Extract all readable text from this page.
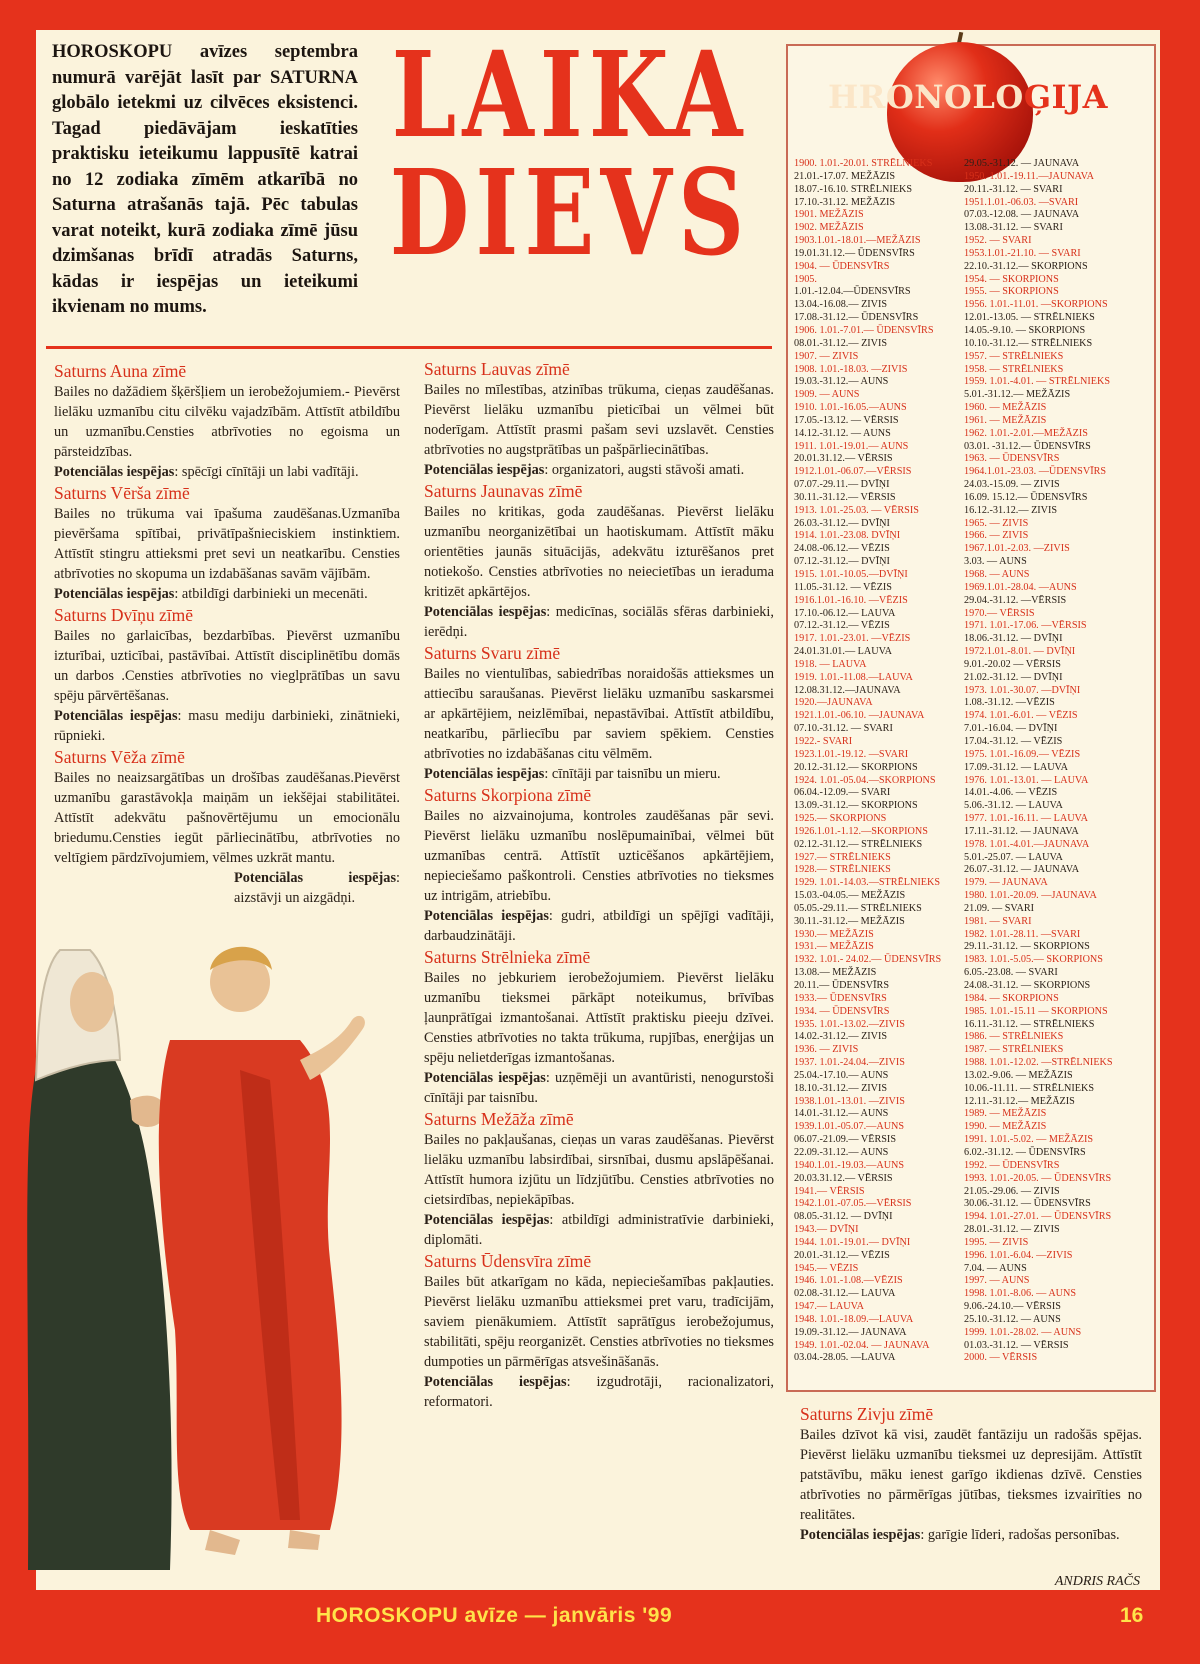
HOROSKOPU avīzes septembra numurā varējāt lasīt par SATURNA globālo ietekmi uz cilvēces eksistenci. Tagad piedāvājam ieskatīties praktisku ieteikumu lappusītē katrai no 12 zodiaka zīmēm atkarībā no Saturna atrašanās tajā. Pēc tabulas varat noteikt, kurā zodiaka zīmē jūsu dzimšanas brīdī atradās Saturns, kādas ir iespējas un ieteikumi ikvienam no mums.
LAIKA
DIEVS
Saturns Auna zīmē

Bailes no dažādiem šķēršļiem un ierobežojumiem.- Pievērst lielāku uzmanību citu cilvēku vajadzībām. Attīstīt atbildību un uzmanību.Censties atbrīvoties no egoisma un pārsteidzības.

Potenciālas iespējas: spēcīgi cīnītāji un labi vadītāji.

Saturns Vērša zīmē

Bailes no trūkuma vai īpašuma zaudēšanas.Uzmanība pievēršama spītībai, privātīpašnieciskiem instinktiem. Attīstīt stingru attieksmi pret sevi un neatkarību. Censties atbrīvoties no skopuma un izdabāšanas savām vājībām.

Potenciālas iespējas: atbildīgi darbinieki un mecenāti.

Saturns Dvīņu zīmē

Bailes no garlaicības, bezdarbības. Pievērst uzmanību izturībai, uzticībai, pastāvībai. Attīstīt disciplinētību domās un darbos .Censties atbrīvoties no vieglprātības un savu spēju pārvērtēšanas.

Potenciālas iespējas: masu mediju darbinieki, zinātnieki, rūpnieki.

Saturns Vēža zīmē

Bailes no neaizsargātības un drošības zaudēšanas.Pievērst uzmanību garastāvokļa maiņām un iekšējai stabilitātei. Attīstīt adekvātu pašnovērtējumu un emocionālu briedumu.Censties iegūt pārliecinātību, atbrīvoties no veltīgiem pārdzīvojumiem, vēlmes uzkrāt mantu.

Potenciālas iespējas: aizstāvji un aizgādņi.

Saturns Lauvas zīmē

Bailes no mīlestības, atzinības trūkuma, cieņas zaudēšanas. Pievērst lielāku uzmanību pieticībai un vēlmei būt noderīgam. Attīstīt prasmi pašam sevi uzslavēt. Censties atbrīvoties no augstprātības un pašpārliecinātības.

Potenciālas iespējas: organizatori, augsti stāvoši amati.

Saturns Jaunavas zīmē

Bailes no kritikas, goda zaudēšanas. Pievērst lielāku uzmanību neorganizētībai un haotiskumam. Attīstīt māku orientēties jaunās situācijās, adekvātu izturēšanos pret notiekošo. Censties atbrīvoties no neiecietības un ieraduma kritizēt apkārtējos.

Potenciālas iespējas: medicīnas, sociālās sfēras darbinieki, ierēdņi.

Saturns Svaru zīmē

Bailes no vientulības, sabiedrības noraidošās attieksmes un attiecību saraušanas. Pievērst lielāku uzmanību saskarsmei ar apkārtējiem, neizlēmībai, nepastāvībai. Attīstīt atbildību, neatkarību, pārliecību par saviem spēkiem. Censties atbrīvoties no izdabāšanas citu vēlmēm.

Potenciālas iespējas: cīnītāji par taisnību un mieru.

Saturns Skorpiona zīmē

Bailes no aizvainojuma, kontroles zaudēšanas pār sevi. Pievērst lielāku uzmanību noslēpumainībai, vēlmei būt uzmanības centrā. Attīstīt uzticēšanos apkārtējiem, nepieciešamo paškontroli. Censties atbrīvoties no tieksmes uz intrigām, atriebību.

Potenciālas iespējas: gudri, atbildīgi un spējīgi vadītāji, darbaudzinātāji.

Saturns Strēlnieka zīmē

Bailes no jebkuriem ierobežojumiem. Pievērst lielāku uzmanību tieksmei pārkāpt noteikumus, brīvības ļaunprātīgai izmantošanai. Attīstīt praktisku pieeju dzīvei. Censties atbrīvoties no takta trūkuma, rupjības, enerģijas un spēju nelietderīgas izmantošanas.

Potenciālas iespējas: uzņēmēji un avantūristi, nenogurstoši cīnītāji par taisnību.

Saturns Mežāža zīmē

Bailes no pakļaušanas, cieņas un varas zaudēšanas. Pievērst lielāku uzmanību labsirdībai, sirsnībai, dusmu apslāpēšanai. Attīstīt humora izjūtu un līdzjūtību. Censties atbrīvoties no cietsirdības, nepiekāpības.

Potenciālas iespējas: atbildīgi administratīvie darbinieki, diplomāti.

Saturns Ūdensvīra zīmē

Bailes būt atkarīgam no kāda, nepieciešamības pakļauties. Pievērst lielāku uzmanību attieksmei pret varu, tradīcijām, saviem pienākumiem. Attīstīt saprātīgus ierobežojumus, stabilitāti, spēju reorganizēt. Censties atbrīvoties no tieksmes dumpoties un pārmērīgas atsvešināšanās.

Potenciālas iespējas: izgudrotāji, racionalizatori, reformatori.

HRONOLOĢIJA
1900. 1.01.-20.01. STRĒLNIEKS
21.01.-17.07. MEŽĀZIS
18.07.-16.10. STRĒLNIEKS
17.10.-31.12. MEŽĀZIS
1901. MEŽĀZIS
1902. MEŽĀZIS
1903.1.01.-18.01.—MEŽĀZIS
19.01.31.12.— ŪDENSVĪRS
1904. — ŪDENSVĪRS
1905.
1.01.-12.04.—ŪDENSVĪRS
13.04.-16.08.— ZIVIS
17.08.-31.12.— ŪDENSVĪRS
1906. 1.01.-7.01.— ŪDENSVĪRS
08.01.-31.12.— ZIVIS
1907. — ZIVIS
1908. 1.01.-18.03. —ZIVIS
19.03.-31.12.— AUNS
1909. — AUNS
1910. 1.01.-16.05.—AUNS
17.05.-13.12. — VĒRSIS
14.12.-31.12. — AUNS
1911. 1.01.-19.01.— AUNS
20.01.31.12.— VĒRSIS
1912.1.01.-06.07.—VĒRSIS
07.07.-29.11.— DVĪŅI
30.11.-31.12.— VĒRSIS
1913. 1.01.-25.03. — VĒRSIS
26.03.-31.12.— DVĪŅI
1914. 1.01.-23.08. DVĪŅI
24.08.-06.12.— VĒZIS
07.12.-31.12.— DVĪŅI
1915. 1.01.-10.05.—DVĪŅI
11.05.-31.12. — VĒZIS
1916.1.01.-16.10. —VĒZIS
17.10.-06.12.— LAUVA
07.12.-31.12.— VĒZIS
1917. 1.01.-23.01. —VĒZIS
24.01.31.01.— LAUVA
1918. — LAUVA
1919. 1.01.-11.08.—LAUVA
12.08.31.12.—JAUNAVA
1920.—JAUNAVA
1921.1.01.-06.10. —JAUNAVA
07.10.-31.12. — SVARI
1922.- SVARI
1923.1.01.-19.12. —SVARI
20.12.-31.12.— SKORPIONS
1924. 1.01.-05.04.—SKORPIONS
06.04.-12.09.— SVARI
13.09.-31.12.— SKORPIONS
1925.— SKORPIONS
1926.1.01.-1.12.—SKORPIONS
02.12.-31.12.— STRĒLNIEKS
1927.— STRĒLNIEKS
1928.— STRĒLNIEKS
1929. 1.01.-14.03.—STRĒLNIEKS
15.03.-04.05.— MEŽĀZIS
05.05.-29.11.— STRĒLNIEKS
30.11.-31.12.— MEŽĀZIS
1930.— MEŽĀZIS
1931.— MEŽĀZIS
1932. 1.01.- 24.02.— ŪDENSVĪRS
13.08.— MEŽĀZIS
20.11.— ŪDENSVĪRS
1933.— ŪDENSVĪRS
1934. — ŪDENSVĪRS
1935. 1.01.-13.02.—ZIVIS
14.02.-31.12.— ZIVIS
1936. — ZIVIS
1937. 1.01.-24.04.—ZIVIS
25.04.-17.10.— AUNS
18.10.-31.12.— ZIVIS
1938.1.01.-13.01. —ZIVIS
14.01.-31.12.— AUNS
1939.1.01.-05.07.—AUNS
06.07.-21.09.— VĒRSIS
22.09.-31.12.— AUNS
1940.1.01.-19.03.—AUNS
20.03.31.12.— VĒRSIS
1941.— VĒRSIS
1942.1.01.-07.05.—VĒRSIS
08.05.-31.12. — DVĪŅI
1943.— DVĪŅI
1944. 1.01.-19.01.— DVĪŅI
20.01.-31.12.— VĒZIS
1945.— VĒZIS
1946. 1.01.-1.08.—VĒZIS
02.08.-31.12.— LAUVA
1947.— LAUVA
1948. 1.01.-18.09.—LAUVA
19.09.-31.12.— JAUNAVA
1949. 1.01.-02.04. — JAUNAVA
03.04.-28.05. —LAUVA
29.05.-31.12. — JAUNAVA
1950. 1.01.-19.11.—JAUNAVA
20.11.-31.12. — SVARI
1951.1.01.-06.03. —SVARI
07.03.-12.08. — JAUNAVA
13.08.-31.12. — SVARI
1952. — SVARI
1953.1.01.-21.10. — SVARI
22.10.-31.12.— SKORPIONS
1954. — SKORPIONS
1955. — SKORPIONS
1956. 1.01.-11.01. —SKORPIONS
12.01.-13.05. — STRĒLNIEKS
14.05.-9.10. — SKORPIONS
10.10.-31.12.— STRĒLNIEKS
1957. — STRĒLNIEKS
1958. — STRĒLNIEKS
1959. 1.01.-4.01. — STRĒLNIEKS
5.01.-31.12.— MEŽĀZIS
1960. — MEŽĀZIS
1961. — MEŽĀZIS
1962. 1.01.-2.01.—MEŽĀZIS
03.01. -31.12.— ŪDENSVĪRS
1963. — ŪDENSVĪRS
1964.1.01.-23.03. —ŪDENSVĪRS
24.03.-15.09. — ZIVIS
16.09. 15.12.— ŪDENSVĪRS
16.12.-31.12.— ZIVIS
1965. — ZIVIS
1966. — ZIVIS
1967.1.01.-2.03. —ZIVIS
3.03. — AUNS
1968. — AUNS
1969.1.01.-28.04. —AUNS
29.04.-31.12. —VĒRSIS
1970.— VĒRSIS
1971. 1.01.-17.06. —VĒRSIS
18.06.-31.12. — DVĪŅI
1972.1.01.-8.01. — DVĪŅI
9.01.-20.02 — VĒRSIS
21.02.-31.12. — DVĪŅI
1973. 1.01.-30.07. —DVĪŅI
1.08.-31.12. —VĒZIS
1974. 1.01.-6.01. — VĒZIS
7.01.-16.04. — DVĪŅI
17.04.-31.12. — VĒZIS
1975. 1.01.-16.09.— VĒZIS
17.09.-31.12. — LAUVA
1976. 1.01.-13.01. — LAUVA
14.01.-4.06. — VĒZIS
5.06.-31.12. — LAUVA
1977. 1.01.-16.11. — LAUVA
17.11.-31.12. — JAUNAVA
1978. 1.01.-4.01.—JAUNAVA
5.01.-25.07. — LAUVA
26.07.-31.12. — JAUNAVA
1979. — JAUNAVA
1980. 1.01.-20.09. —JAUNAVA
21.09. — SVARI
1981. — SVARI
1982. 1.01.-28.11. —SVARI
29.11.-31.12. — SKORPIONS
1983. 1.01.-5.05.— SKORPIONS
6.05.-23.08. — SVARI
24.08.-31.12. — SKORPIONS
1984. — SKORPIONS
1985. 1.01.-15.11 — SKORPIONS
16.11.-31.12. — STRĒLNIEKS
1986. — STRĒLNIEKS
1987. — STRĒLNIEKS
1988. 1.01.-12.02. —STRĒLNIEKS
13.02.-9.06. — MEŽĀZIS
10.06.-11.11. — STRĒLNIEKS
12.11.-31.12.— MEŽĀZIS
1989. — MEŽĀZIS
1990. — MEŽĀZIS
1991. 1.01.-5.02. — MEŽĀZIS
6.02.-31.12. — ŪDENSVĪRS
1992. — ŪDENSVĪRS
1993. 1.01.-20.05. — ŪDENSVĪRS
21.05.-29.06. — ZIVIS
30.06.-31.12. — ŪDENSVĪRS
1994. 1.01.-27.01. — ŪDENSVĪRS
28.01.-31.12. — ZIVIS
1995. — ZIVIS
1996. 1.01.-6.04. —ZIVIS
7.04. — AUNS
1997. — AUNS
1998. 1.01.-8.06. — AUNS
9.06.-24.10.— VĒRSIS
25.10.-31.12. — AUNS
1999. 1.01.-28.02. — AUNS
01.03.-31.12. — VĒRSIS
2000. — VĒRSIS
Saturns Zivju zīmē

Bailes dzīvot kā visi, zaudēt fantāziju un radošās spējas. Pievērst lielāku uzmanību tieksmei uz depresijām. Attīstīt patstāvību, māku ienest garīgo ikdienas dzīvē. Censties atbrīvoties no pārmērīgas jūtības, tieksmes izvairīties no realitātes.

Potenciālas iespējas: garīgie līderi, radošas personības.

ANDRIS RAČS
HOROSKOPU avīze — janvāris '99	16
